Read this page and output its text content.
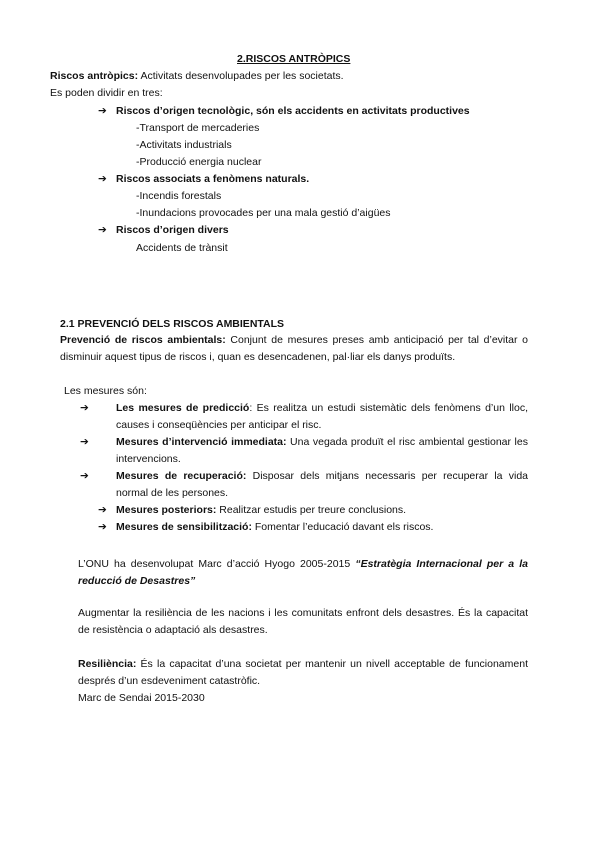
2.RISCOS ANTRÒPICS
Riscos antròpics: Activitats desenvolupades per les societats.
Es poden dividir en tres:
➔ Riscos d’origen tecnològic, són els accidents en activitats productives
-Transport de mercaderies
-Activitats industrials
-Producció energia nuclear
➔ Riscos associats a fenòmens naturals.
-Incendis forestals
-Inundacions provocades per una mala gestió d’aigües
➔ Riscos d’origen divers
Accidents de trànsit
2.1 PREVENCIÓ DELS RISCOS AMBIENTALS

Prevenció de riscos ambientals: Conjunt de mesures preses amb anticipació per tal d’evitar o disminuir aquest tipus de riscos i, quan es desencadenen, pal·liar els danys produïts.

Les mesures són:

➔	Les mesures de predicció: Es realitza un estudi sistemàtic dels fenòmens d’un lloc, causes i conseqüències per anticipar el risc.

➔	Mesures d’intervenció immediata: Una vegada produït el risc ambiental gestionar les intervencions.

➔	Mesures de recuperació: Disposar dels mitjans necessaris per recuperar la vida normal de les persones.

➔ Mesures posteriors: Realitzar estudis per treure conclusions.
➔ Mesures de sensibilització: Fomentar l’educació davant els riscos.

L’ONU ha desenvolupat Marc d’acció Hyogo 2005-2015 “Estratègia Internacional per a la reducció de Desastres”

Augmentar la resiliència de les nacions i les comunitats enfront dels desastres. És la capacitat de resistència o adaptació als desastres.

Resiliència: És la capacitat d’una societat per mantenir un nivell acceptable de funcionament després d’un esdeveniment catastròfic.

Marc de Sendai 2015-2030
